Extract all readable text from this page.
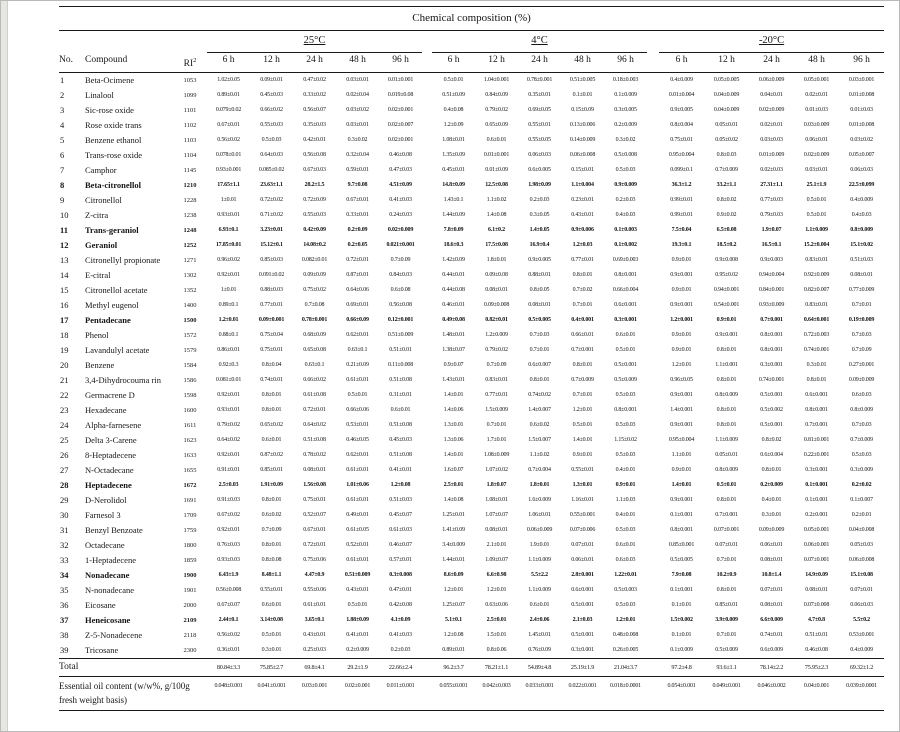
Chemical composition (%)																			
			25°C						4°C						-20°C				
No.	Compound	$RI^2$	6 h	12 h	24 h	48 h	96 h		6 h	12 h	24 h	48 h	96 h		6 h	12 h	24 h	48 h	96 h
1	Beta-Ocimene	1053	1.02±0.05	0.09±0.01	0.47±0.02	0.03±0.01	0.01±0.001		0.5±0.01	1.04±0.001	0.78±0.001	0.51±0.005	0.18±0.003		0.4±0.009	0.05±0.005	0.06±0.009	0.05±0.001	0.03±0.001
2	Linalool	1099	0.89±0.01	0.45±0.03	0.33±0.02	0.02±0.04	0.019±0.08		0.51±0.09	0.84±0.09	0.35±0.01	0.1±0.01	0.1±0.009		0.01±0.004	0.04±0.009	0.04±0.01	0.02±0.01	0.01±0.008
3	Sic-rose oxide	1101	0.079±0.02	0.66±0.02	0.56±0.07	0.03±0.02	0.02±0.001		0.4±0.08	0.79±0.02	0.69±0.05	0.15±0.09	0.3±0.005		0.9±0.005	0.04±0.009	0.02±0.009	0.01±0.03	0.01±0.03
4	Rose oxide trans	1102	0.67±0.01	0.55±0.03	0.35±0.03	0.03±0.01	0.02±0.007		1.2±0.09	0.65±0.09	0.55±0.01	0.13±0.006	0.2±0.009		0.8±0.004	0.05±0.01	0.02±0.01	0.03±0.009	0.01±0.008
5	Benzene ethanol	1103	0.56±0.02	0.5±0.03	0.42±0.01	0.3±0.02	0.02±0.001		1.08±0.01	0.6±0.01	0.55±0.05	0.14±0.009	0.3±0.02		0.75±0.01	0.05±0.02	0.03±0.03	0.06±0.01	0.03±0.02
6	Trans-rose oxide	1104	0.078±0.01	0.64±0.03	0.56±0.08	0.32±0.04	0.46±0.08		1.35±0.09	0.01±0.001	0.06±0.03	0.06±0.008	0.5±0.008		0.95±0.004	0.8±0.03	0.01±0.009	0.02±0.009	0.05±0.007
7	Camphor	1145	0.93±0.001	0.085±0.02	0.67±0.03	0.59±0.01	0.47±0.03		0.45±0.01	0.01±0.09	0.6±0.005	0.15±0.01	0.5±0.03		0.099±0.1	0.7±0.009	0.02±0.03	0.03±0.01	0.06±0.03
8	Beta-citronellol	1210	17.65±1.1	23.63±1.1	28.2±1.5	9.7±0.08	4.51±0.09		14.8±0.09	12.5±0.08	1.98±0.09	1.1±0.004	0.9±0.009		36.3±1.2	33.2±1.1	27.31±1.1	25.1±1.9	22.5±0.099
9	Citronellol	1228	1±0.01	0.72±0.02	0.72±0.09	0.67±0.01	0.41±0.03		1.43±0.1	1.1±0.02	0.2±0.03	0.23±0.01	0.2±0.03		0.99±0.01	0.8±0.02	0.77±0.03	0.5±0.01	0.4±0.009
10	Z-citra	1238	0.93±0.01	0.71±0.02	0.55±0.03	0.33±0.01	0.24±0.03		1.44±0.09	1.4±0.08	0.3±0.05	0.43±0.01	0.4±0.03		0.99±0.01	0.9±0.02	0.79±0.03	0.5±0.01	0.4±0.03
11	Trans-geraniol	1248	6.93±0.1	3.23±0.01	0.42±0.09	0.2±0.09	0.02±0.009		7.8±0.09	6.1±0.2	1.4±0.05	0.9±0.006	0.1±0.003		7.5±0.04	6.5±0.08	1.9±0.07	1.1±0.009	0.8±0.009
12	Geraniol	1252	17.85±0.01	15.12±0.1	14.08±0.2	0.2±0.05	0.021±0.001		18.6±0.3	17.5±0.08	16.9±0.4	1.2±0.03	0.1±0.002		19.3±0.1	18.5±0.2	16.5±0.1	15.2±0.004	15.1±0.02
13	Citronellyl propionate	1271	0.96±0.02	0.85±0.03	0.082±0.01	0.72±0.01	0.7±0.09		1.42±0.09	1.8±0.01	0.9±0.005	0.77±0.01	0.69±0.003		0.9±0.01	0.9±0.008	0.9±0.003	0.83±0.01	0.51±0.03
14	E-citral	1302	0.92±0.01	0.091±0.02	0.09±0.09	0.87±0.01	0.84±0.03		0.44±0.01	0.09±0.08	0.88±0.01	0.8±0.01	0.8±0.001		0.9±0.001	0.95±0.02	0.94±0.004	0.92±0.009	0.08±0.01
15	Citronellol acetate	1352	1±0.01	0.88±0.03	0.75±0.02	0.64±0.06	0.6±0.08		0.44±0.08	0.08±0.01	0.8±0.05	0.7±0.02	0.66±0.004		0.9±0.01	0.94±0.001	0.84±0.001	0.82±0.007	0.77±0.009
16	Methyl eugenol	1400	0.89±0.1	0.77±0.01	0.7±0.08	0.69±0.01	0.56±0.08		0.46±0.01	0.09±0.008	0.08±0.01	0.7±0.01	0.6±0.001		0.9±0.001	0.54±0.001	0.93±0.009	0.83±0.01	0.7±0.01
17	Pentadecane	1500	1.2±0.01	0.09±0.001	0.78±0.001	0.66±0.09	0.12±0.001		0.49±0.08	0.82±0.01	0.5±0.005	0.4±0.001	0.3±0.001		1.2±0.001	0.9±0.01	0.7±0.001	0.64±0.001	0.19±0.009
18	Phenol	1572	0.88±0.1	0.75±0.04	0.68±0.09	0.62±0.01	0.51±0.009		1.48±0.01	1.2±0.009	0.7±0.03	0.66±0.01	0.6±0.01		0.9±0.01	0.9±0.001	0.8±0.001	0.72±0.003	0.7±0.03
19	Lavandulyl acetate	1579	0.86±0.01	0.75±0.01	0.65±0.08	0.63±0.1	0.51±0.01		1.38±0.07	0.79±0.02	0.7±0.01	0.7±0.001	0.5±0.01		0.9±0.01	0.8±0.01	0.8±0.001	0.74±0.001	0.7±0.09
20	Benzene	1584	0.92±0.3	0.8±0.04	0.63±0.1	0.21±0.09	0.11±0.008		0.9±0.07	0.7±0.09	0.6±0.007	0.8±0.01	0.5±0.001		1.2±0.01	1.1±0.001	0.3±0.001	0.3±0.01	0.27±0.001
21	3,4-Dihydrocouma rin	1586	0.081±0.01	0.74±0.01	0.66±0.02	0.61±0.01	0.51±0.08		1.43±0.01	0.83±0.01	0.8±0.01	0.7±0.009	0.5±0.009		0.96±0.05	0.8±0.01	0.74±0.001	0.8±0.01	0.09±0.009
22	Germacrene D	1598	0.92±0.01	0.8±0.01	0.61±0.08	0.5±0.01	0.31±0.01		1.4±0.01	0.77±0.01	0.74±0.02	0.7±0.01	0.5±0.03		0.9±0.001	0.8±0.009	0.5±0.001	0.6±0.001	0.6±0.03
23	Hexadecane	1600	0.93±0.01	0.8±0.01	0.72±0.01	0.66±0.06	0.6±0.01		1.4±0.06	1.5±0.009	1.4±0.007	1.2±0.01	0.8±0.001		1.4±0.001	0.8±0.01	0.5±0.002	0.8±0.001	0.8±0.009
24	Alpha-farnesene	1611	0.79±0.02	0.65±0.02	0.64±0.02	0.53±0.01	0.51±0.08		1.3±0.01	0.7±0.01	0.6±0.02	0.5±0.01	0.5±0.03		0.9±0.001	0.8±0.01	0.5±0.001	0.7±0.001	0.7±0.03
25	Delta 3-Carene	1623	0.64±0.02	0.6±0.01	0.51±0.08	0.46±0.05	0.45±0.03		1.3±0.06	1.7±0.01	1.5±0.007	1.4±0.01	1.15±0.02		0.95±0.004	1.1±0.009	0.8±0.02	0.81±0.001	0.7±0.009
26	8-Heptadecene	1633	0.92±0.01	0.87±0.02	0.78±0.02	0.62±0.01	0.51±0.08		1.4±0.01	1.08±0.009	1.1±0.02	0.9±0.01	0.5±0.03		1.1±0.01	0.05±0.01	0.6±0.004	0.22±0.001	0.5±0.03
27	N-Octadecane	1655	0.91±0.01	0.85±0.01	0.08±0.01	0.61±0.01	0.41±0.01		1.6±0.07	1.07±0.02	0.7±0.004	0.55±0.01	0.4±0.01		0.9±0.01	0.8±0.009	0.8±0.01	0.3±0.001	0.3±0.009
28	Heptadecene	1672	2.5±0.03	1.91±0.09	1.56±0.08	1.01±0.06	1.2±0.08		2.5±0.01	1.8±0.07	1.8±0.01	1.3±0.01	0.9±0.01		1.4±0.01	0.5±0.01	0.2±0.009	0.1±0.001	0.2±0.02
29	D-Nerolidol	1691	0.91±0.03	0.8±0.01	0.75±0.01	0.61±0.01	0.51±0.03		1.4±0.08	1.08±0.01	1.6±0.009	1.16±0.01	1.1±0.03		0.9±0.001	0.8±0.01	0.4±0.01	0.1±0.001	0.1±0.007
30	Farnesol 3	1709	0.67±0.02	0.6±0.02	0.52±0.07	0.49±0.01	0.45±0.07		1.25±0.01	1.07±0.07	1.06±0.01	0.55±0.001	0.4±0.01		0.1±0.001	0.7±0.001	0.3±0.01	0.2±0.001	0.2±0.01
31	Benzyl Benzoate	1759	0.92±0.01	0.7±0.09	0.67±0.01	0.61±0.05	0.61±0.03		1.41±0.09	0.08±0.01	0.06±0.009	0.07±0.006	0.5±0.03		0.8±0.001	0.07±0.001	0.09±0.009	0.05±0.001	0.04±0.008
32	Octadecane	1800	0.76±0.03	0.8±0.01	0.72±0.01	0.52±0.01	0.46±0.07		3.4±0.009	2.1±0.01	1.9±0.01	0.07±0.01	0.6±0.01		0.85±0.001	0.07±0.01	0.06±0.01	0.06±0.001	0.05±0.03
33	1-Heptadecene	1859	0.93±0.03	0.8±0.08	0.75±0.06	0.61±0.01	0.57±0.01		1.44±0.01	1.09±0.07	1.1±0.009	0.06±0.01	0.6±0.03		0.5±0.005	0.7±0.01	0.08±0.01	0.07±0.001	0.06±0.008
34	Nonadecane	1900	6.43±1.9	8.48±1.1	4.47±0.9	0.51±0.009	0.3±0.008		8.6±0.09	6.6±0.98	5.5±2.2	2.8±0.001	1.22±0.01		7.9±0.08	10.2±0.9	10.8±1.4	14.9±0.09	15.1±0.08
35	N-nonadecane	1901	0.56±0.008	0.55±0.01	0.55±0.06	0.43±0.01	0.47±0.01		1.2±0.01	1.2±0.01	1.1±0.009	0.6±0.001	0.5±0.003		0.1±0.001	0.8±0.01	0.07±0.01	0.08±0.01	0.07±0.01
36	Eicosane	2000	0.67±0.07	0.6±0.01	0.61±0.01	0.5±0.01	0.42±0.08		1.25±0.07	0.63±0.06	0.6±0.01	0.5±0.001	0.5±0.03		0.1±0.01	0.85±0.01	0.08±0.01	0.07±0.008	0.06±0.03
37	Heneicosane	2109	2.44±0.1	3.14±0.08	3.65±0.1	1.88±0.09	4.1±0.09		5.1±0.1	2.5±0.01	2.4±0.06	2.1±0.03	1.2±0.01		1.5±0.002	3.9±0.009	6.6±0.009	4.7±0.8	5.5±0.2
38	Z-5-Nonadecene	2118	0.56±0.02	0.5±0.01	0.43±0.01	0.41±0.01	0.41±0.03		1.2±0.08	1.5±0.01	1.45±0.01	0.5±0.001	0.48±0.008		0.1±0.01	0.7±0.01	0.74±0.01	0.51±0.01	0.53±0.001
39	Tricosane	2300	0.36±0.01	0.3±0.01	0.25±0.03	0.2±0.009	0.2±0.03		0.89±0.01	0.8±0.06	0.76±0.09	0.3±0.001	0.26±0.005		0.1±0.009	0.5±0.009	0.6±0.009	0.46±0.08	0.4±0.009
Total			80.84±3.3	75.85±2.7	69.8±4.1	29.2±1.9	22.66±2.4		96.2±3.7	78.21±1.1	54.89±4.8	25.19±1.9	21.04±3.7		97.2±4.8	93.6±1.1	78.14±2.2	75.95±2.3	69.32±1.2
Essential oil content (w/w%, g/100g fresh weight basis)			0.048±0.001	0.041±0.001	0.03±0.001	0.02±0.001	0.011±0.001		0.055±0.001	0.042±0.003	0.033±0.001	0.022±0.001	0.018±0.0001		0.054±0.001	0.049±0.001	0.046±0.002	0.04±0.001	0.039±0.0001
